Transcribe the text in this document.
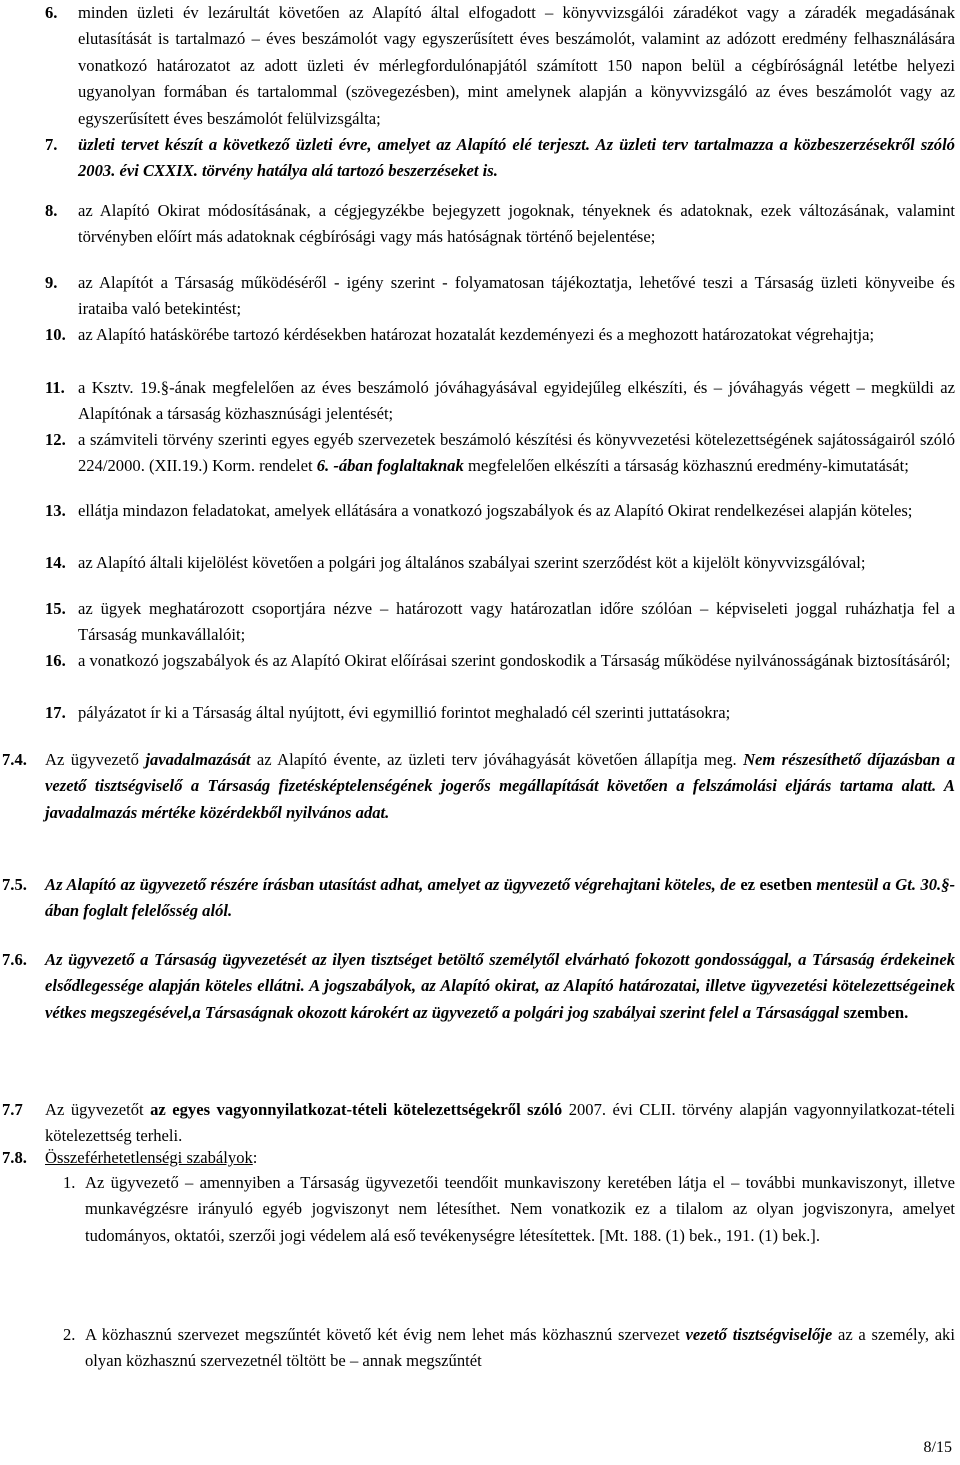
6. minden üzleti év lezárultát követően az Alapító által elfogadott – könyvvizsgálói záradékot vagy a záradék megadásának elutasítását is tartalmazó – éves beszámolót vagy egyszerűsített éves beszámolót, valamint az adózott eredmény felhasználására vonatkozó határozatot az adott üzleti év mérlegfordulónapjától számított 150 napon belül a cégbíróságnál letétbe helyezi ugyanolyan formában és tartalommal (szövegezésben), mint amelynek alapján a könyvvizsgáló az éves beszámolót vagy az egyszerűsített éves beszámolót felülvizsgálta;
7. üzleti tervet készít a következő üzleti évre, amelyet az Alapító elé terjeszt. Az üzleti terv tartalmazza a közbeszerzésekről szóló 2003. évi CXXIX. törvény hatálya alá tartozó beszerzéseket is.
8. az Alapító Okirat módosításának, a cégjegyzékbe bejegyzett jogoknak, tényeknek és adatoknak, ezek változásának, valamint törvényben előírt más adatoknak cégbírósági vagy más hatóságnak történő bejelentése;
9. az Alapítót a Társaság működéséről - igény szerint - folyamatosan tájékoztatja, lehetővé teszi a Társaság üzleti könyveibe és irataiba való betekintést;
10. az Alapító hatáskörébe tartozó kérdésekben határozat hozatalát kezdeményezi és a meghozott határozatokat végrehajtja;
11. a Ksztv. 19.§-ának megfelelően az éves beszámoló jóváhagyásával egyidejűleg elkészíti, és – jóváhagyás végett – megküldi az Alapítónak a társaság közhasznúsági jelentését;
12. a számviteli törvény szerinti egyes egyéb szervezetek beszámoló készítési és könyvvezetési kötelezettségének sajátosságairól szóló 224/2000. (XII.19.) Korm. rendelet 6. -ában foglaltaknak megfelelően elkészíti a társaság közhasznú eredmény-kimutatását;
13. ellátja mindazon feladatokat, amelyek ellátására a vonatkozó jogszabályok és az Alapító Okirat rendelkezései alapján köteles;
14. az Alapító általi kijelölést követően a polgári jog általános szabályai szerint szerződést köt a kijelölt könyvvizsgálóval;
15. az ügyek meghatározott csoportjára nézve – határozott vagy határozatlan időre szólóan – képviseleti joggal ruházhatja fel a Társaság munkavállalóit;
16. a vonatkozó jogszabályok és az Alapító Okirat előírásai szerint gondoskodik a Társaság működése nyilvánosságának biztosításáról;
17. pályázatot ír ki a Társaság által nyújtott, évi egymillió forintot meghaladó cél szerinti juttatásokra;
7.4. Az ügyvezető javadalmazását az Alapító évente, az üzleti terv jóváhagyását követően állapítja meg. Nem részesíthető díjazásban a vezető tisztségviselő a Társaság fizetésképtelenségének jogerős megállapítását követően a felszámolási eljárás tartama alatt. A javadalmazás mértéke közérdekből nyilvános adat.
7.5. Az Alapító az ügyvezető részére írásban utasítást adhat, amelyet az ügyvezető végrehajtani köteles, de ez esetben mentesül a Gt. 30.§-ában foglalt felelősség alól.
7.6. Az ügyvezető a Társaság ügyvezetését az ilyen tisztséget betöltő személytől elvárható fokozott gondossággal, a Társaság érdekeinek elsődlegessége alapján köteles ellátni. A jogszabályok, az Alapító okirat, az Alapító határozatai, illetve ügyvezetési kötelezettségeinek vétkes megszegésével,a Társaságnak okozott károkért az ügyvezető a polgári jog szabályai szerint felel a Társasággal szemben.
7.7 Az ügyvezetőt az egyes vagyonnyilatkozat-tételi kötelezettségekről szóló 2007. évi CLII. törvény alapján vagyonnyilatkozat-tételi kötelezettség terheli.
7.8. Összeférhetetlenségi szabályok:
1. Az ügyvezető – amennyiben a Társaság ügyvezetői teendőit munkaviszony keretében látja el – további munkaviszonyt, illetve munkavégzésre irányuló egyéb jogviszonyt nem létesíthet. Nem vonatkozik ez a tilalom az olyan jogviszonyra, amelyet tudományos, oktatói, szerzői jogi védelem alá eső tevékenységre létesítettek. [Mt. 188. (1) bek., 191. (1) bek.].
2. A közhasznú szervezet megszűntét követő két évig nem lehet más közhasznú szervezet vezető tisztségviselője az a személy, aki olyan közhasznú szervezetnél töltött be – annak megszűntét
8/15
